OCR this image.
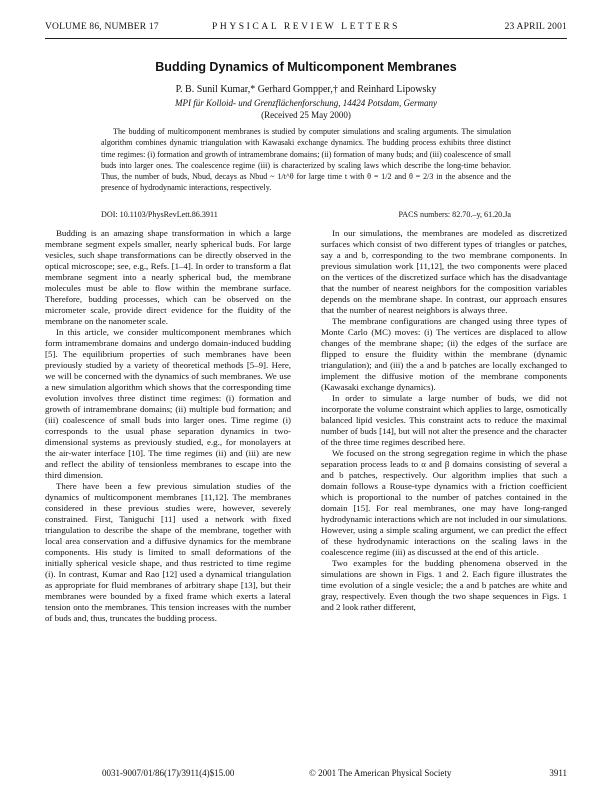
VOLUME 86, NUMBER 17	PHYSICAL REVIEW LETTERS	23 APRIL 2001
Budding Dynamics of Multicomponent Membranes
P. B. Sunil Kumar,* Gerhard Gompper,† and Reinhard Lipowsky
MPI für Kolloid- und Grenzflächenforschung, 14424 Potsdam, Germany
(Received 25 May 2000)
The budding of multicomponent membranes is studied by computer simulations and scaling arguments. The simulation algorithm combines dynamic triangulation with Kawasaki exchange dynamics. The budding process exhibits three distinct time regimes: (i) formation and growth of intramembrane domains; (ii) formation of many buds; and (iii) coalescence of small buds into larger ones. The coalescence regime (iii) is characterized by scaling laws which describe the long-time behavior. Thus, the number of buds, Nbud, decays as Nbud ~ 1/t^θ for large time t with θ = 1/2 and θ = 2/3 in the absence and the presence of hydrodynamic interactions, respectively.
DOI: 10.1103/PhysRevLett.86.3911	PACS numbers: 82.70.–y, 61.20.Ja

Budding is an amazing shape transformation in which a large membrane segment expels smaller, nearly spherical buds. For large vesicles, such shape transformations can be directly observed in the optical microscope; see, e.g., Refs. [1–4]. In order to transform a flat membrane segment into a nearly spherical bud, the membrane molecules must be able to flow within the membrane surface. Therefore, budding processes, which can be observed on the micrometer scale, provide direct evidence for the fluidity of the membrane on the nanometer scale.

In this article, we consider multicomponent membranes which form intramembrane domains and undergo domain-induced budding [5]. The equilibrium properties of such membranes have been previously studied by a variety of theoretical methods [5–9]. Here, we will be concerned with the dynamics of such membranes. We use a new simulation algorithm which shows that the corresponding time evolution involves three distinct time regimes: (i) formation and growth of intramembrane domains; (ii) multiple bud formation; and (iii) coalescence of small buds into larger ones. Time regime (i) corresponds to the usual phase separation dynamics in two-dimensional systems as previously studied, e.g., for monolayers at the air-water interface [10]. The time regimes (ii) and (iii) are new and reflect the ability of tensionless membranes to escape into the third dimension.

There have been a few previous simulation studies of the dynamics of multicomponent membranes [11,12]. The membranes considered in these previous studies were, however, severely constrained. First, Taniguchi [11] used a network with fixed triangulation to describe the shape of the membrane, together with local area conservation and a diffusive dynamics for the membrane components. His study is limited to small deformations of the initially spherical vesicle shape, and thus restricted to time regime (i). In contrast, Kumar and Rao [12] used a dynamical triangulation as appropriate for fluid membranes of arbitrary shape [13], but their membranes were bounded by a fixed frame which exerts a lateral tension onto the membranes. This tension increases with the number of buds and, thus, truncates the budding process.

In our simulations, the membranes are modeled as discretized surfaces which consist of two different types of triangles or patches, say a and b, corresponding to the two membrane components. In previous simulation work [11,12], the two components were placed on the vertices of the discretized surface which has the disadvantage that the number of nearest neighbors for the composition variables depends on the membrane shape. In contrast, our approach ensures that the number of nearest neighbors is always three.

The membrane configurations are changed using three types of Monte Carlo (MC) moves: (i) The vertices are displaced to allow changes of the membrane shape; (ii) the edges of the surface are flipped to ensure the fluidity within the membrane (dynamic triangulation); and (iii) the a and b patches are locally exchanged to implement the diffusive motion of the membrane components (Kawasaki exchange dynamics).

In order to simulate a large number of buds, we did not incorporate the volume constraint which applies to large, osmotically balanced lipid vesicles. This constraint acts to reduce the maximal number of buds [14], but will not alter the presence and the character of the three time regimes described here.

We focused on the strong segregation regime in which the phase separation process leads to α and β domains consisting of several a and b patches, respectively. Our algorithm implies that such a domain follows a Rouse-type dynamics with a friction coefficient which is proportional to the number of patches contained in the domain [15]. For real membranes, one may have long-ranged hydrodynamic interactions which are not included in our simulations. However, using a simple scaling argument, we can predict the effect of these hydrodynamic interactions on the scaling laws in the coalescence regime (iii) as discussed at the end of this article.

Two examples for the budding phenomena observed in the simulations are shown in Figs. 1 and 2. Each figure illustrates the time evolution of a single vesicle; the a and b patches are white and gray, respectively. Even though the two shape sequences in Figs. 1 and 2 look rather different,

0031-9007/01/86(17)/3911(4)$15.00	© 2001 The American Physical Society	3911
